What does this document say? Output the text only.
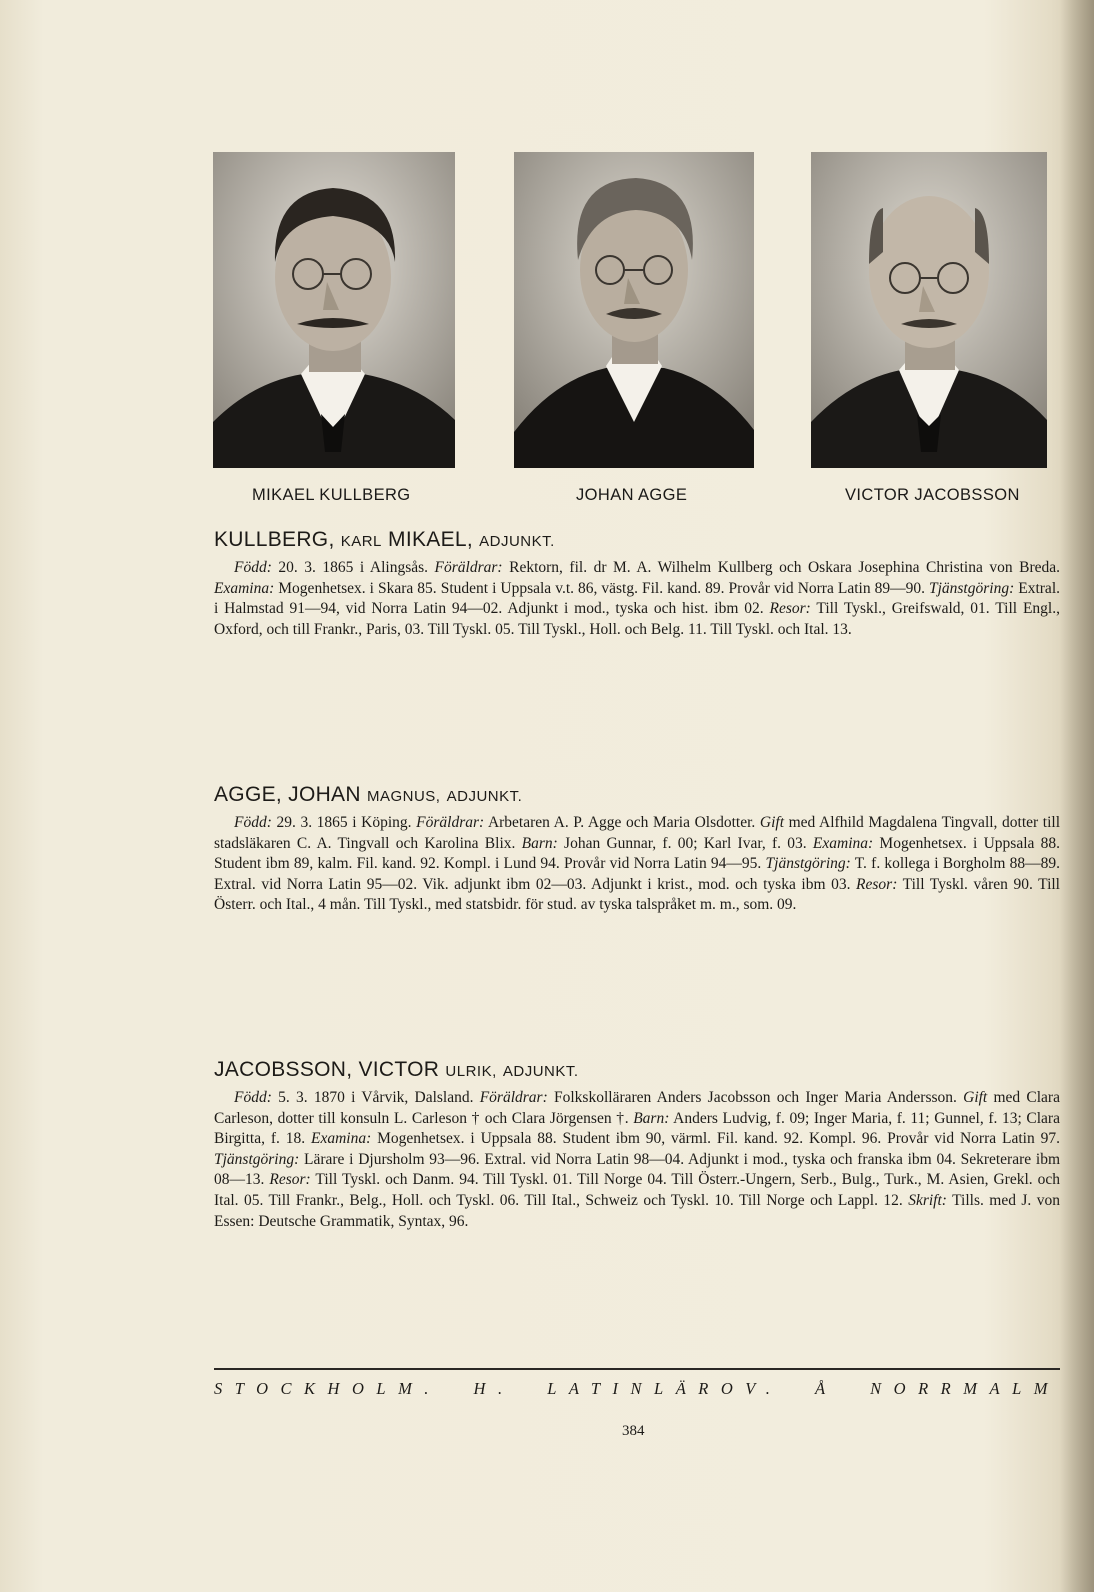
MIKAEL KULLBERG	JOHAN AGGE	VICTOR JACOBSSON
KULLBERG, KARL MIKAEL, ADJUNKT.

Född: 20. 3. 1865 i Alingsås. Föräldrar: Rektorn, fil. dr M. A. Wilhelm Kullberg och Oskara Josephina Christina von Breda. Examina: Mogenhetsex. i Skara 85. Student i Uppsala v.t. 86, västg. Fil. kand. 89. Provår vid Norra Latin 89—90. Tjänstgöring: Extral. i Halmstad 91—94, vid Norra Latin 94—02. Adjunkt i mod., tyska och hist. ibm 02. Resor: Till Tyskl., Greifswald, 01. Till Engl., Oxford, och till Frankr., Paris, 03. Till Tyskl. 05. Till Tyskl., Holl. och Belg. 11. Till Tyskl. och Ital. 13.

AGGE, JOHAN MAGNUS, ADJUNKT.

Född: 29. 3. 1865 i Köping. Föräldrar: Arbetaren A. P. Agge och Maria Olsdotter. Gift med Alfhild Magdalena Tingvall, dotter till stadsläkaren C. A. Tingvall och Karolina Blix. Barn: Johan Gunnar, f. 00; Karl Ivar, f. 03. Examina: Mogenhetsex. i Uppsala 88. Student ibm 89, kalm. Fil. kand. 92. Kompl. i Lund 94. Provår vid Norra Latin 94—95. Tjänstgöring: T. f. kollega i Borgholm 88—89. Extral. vid Norra Latin 95—02. Vik. adjunkt ibm 02—03. Adjunkt i krist., mod. och tyska ibm 03. Resor: Till Tyskl. våren 90. Till Österr. och Ital., 4 mån. Till Tyskl., med statsbidr. för stud. av tyska talspråket m. m., som. 09.

JACOBSSON, VICTOR ULRIK, ADJUNKT.

Född: 5. 3. 1870 i Vårvik, Dalsland. Föräldrar: Folkskolläraren Anders Jacobsson och Inger Maria Andersson. Gift med Clara Carleson, dotter till konsuln L. Carleson † och Clara Jörgensen †. Barn: Anders Ludvig, f. 09; Inger Maria, f. 11; Gunnel, f. 13; Clara Birgitta, f. 18. Examina: Mogenhetsex. i Uppsala 88. Student ibm 90, värml. Fil. kand. 92. Kompl. 96. Provår vid Norra Latin 97. Tjänstgöring: Lärare i Djursholm 93—96. Extral. vid Norra Latin 98—04. Adjunkt i mod., tyska och franska ibm 04. Sekreterare ibm 08—13. Resor: Till Tyskl. och Danm. 94. Till Tyskl. 01. Till Norge 04. Till Österr.-Ungern, Serb., Bulg., Turk., M. Asien, Grekl. och Ital. 05. Till Frankr., Belg., Holl. och Tyskl. 06. Till Ital., Schweiz och Tyskl. 10. Till Norge och Lappl. 12. Skrift: Tills. med J. von Essen: Deutsche Grammatik, Syntax, 96.

STOCKHOLM. H. LATINLÄROV. Å NORRMALM
384
